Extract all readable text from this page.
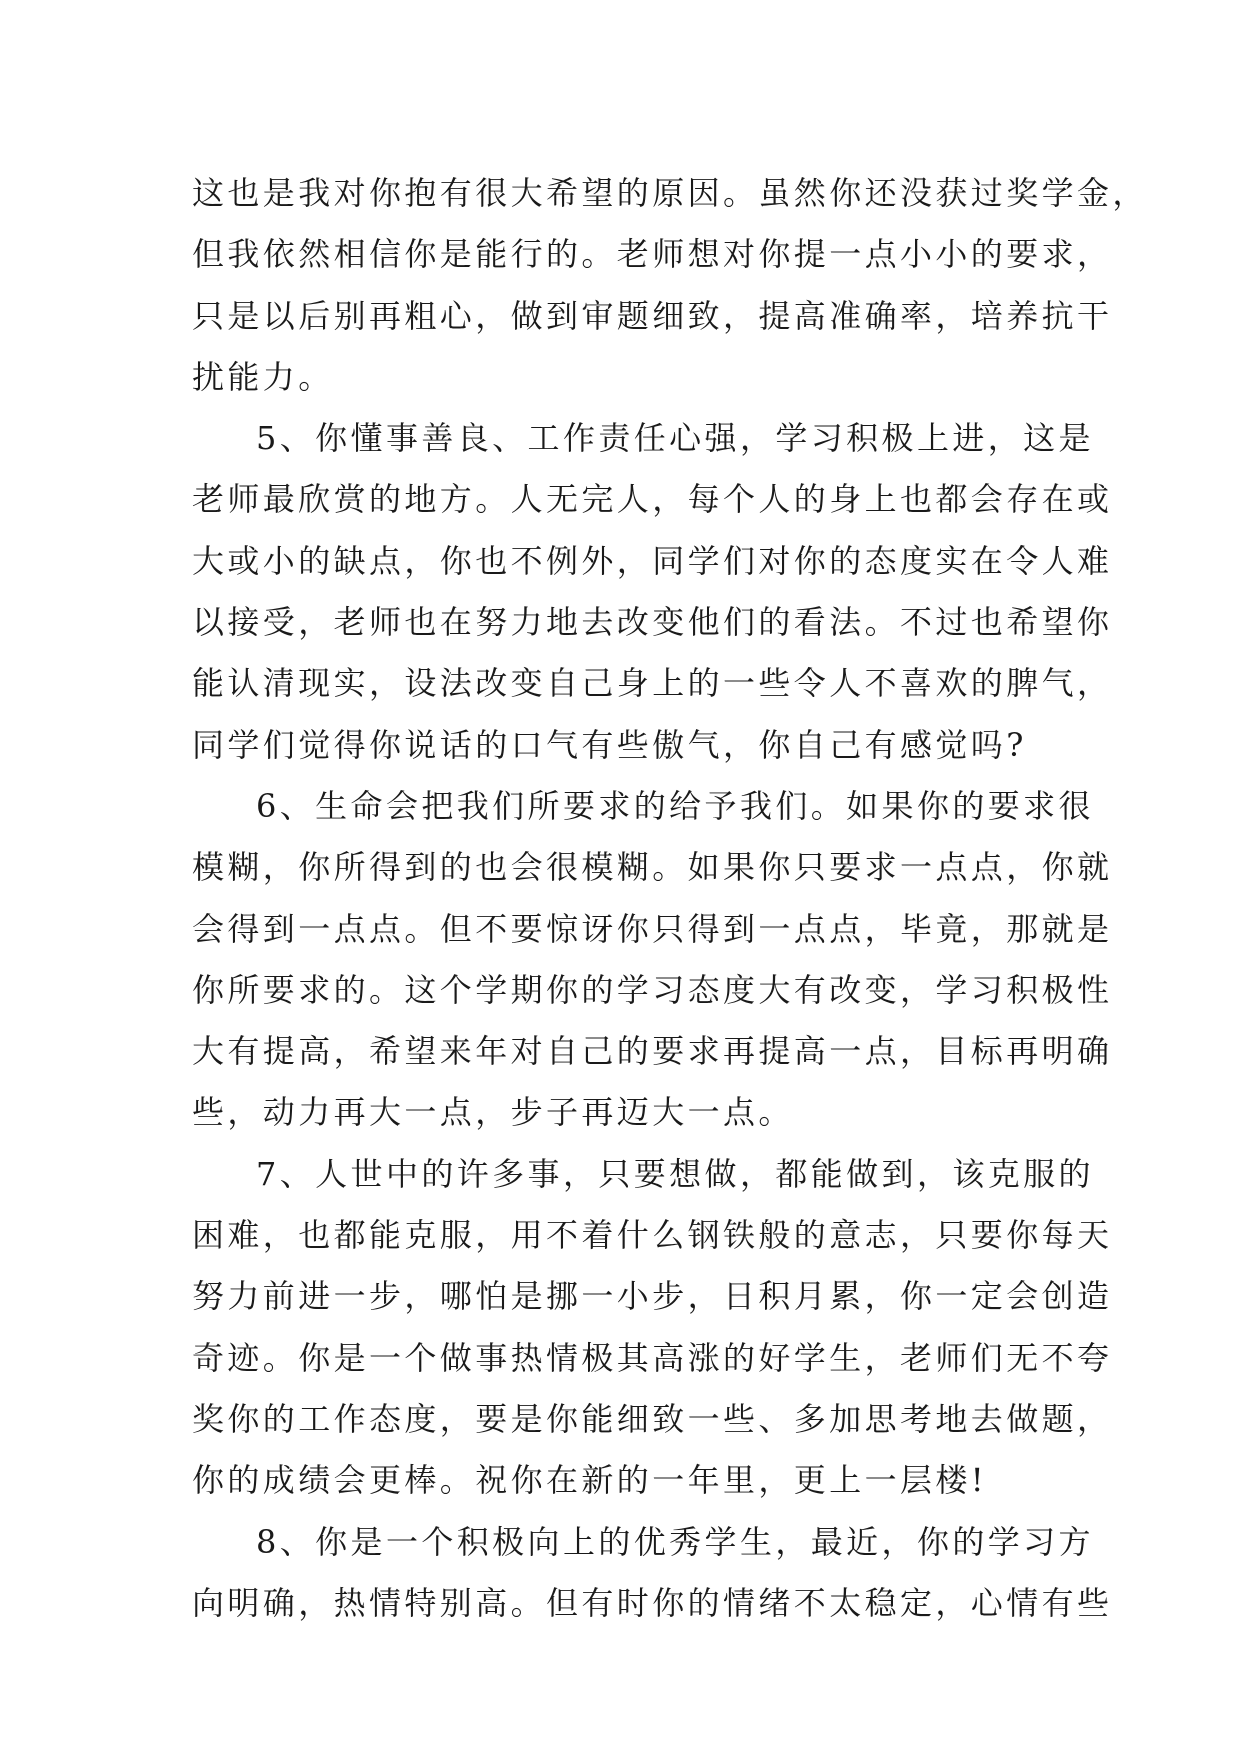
这也是我对你抱有很大希望的原因。虽然你还没获过奖学金，
但我依然相信你是能行的。老师想对你提一点小小的要求，
只是以后别再粗心，做到审题细致，提高准确率，培养抗干
扰能力。
5、你懂事善良、工作责任心强，学习积极上进，这是
老师最欣赏的地方。人无完人，每个人的身上也都会存在或
大或小的缺点，你也不例外，同学们对你的态度实在令人难
以接受，老师也在努力地去改变他们的看法。不过也希望你
能认清现实，设法改变自己身上的一些令人不喜欢的脾气，
同学们觉得你说话的口气有些傲气，你自己有感觉吗?
6、生命会把我们所要求的给予我们。如果你的要求很
模糊，你所得到的也会很模糊。如果你只要求一点点，你就
会得到一点点。但不要惊讶你只得到一点点，毕竟，那就是
你所要求的。这个学期你的学习态度大有改变，学习积极性
大有提高，希望来年对自己的要求再提高一点，目标再明确
些，动力再大一点，步子再迈大一点。
7、人世中的许多事，只要想做，都能做到，该克服的
困难，也都能克服，用不着什么钢铁般的意志，只要你每天
努力前进一步，哪怕是挪一小步，日积月累，你一定会创造
奇迹。你是一个做事热情极其高涨的好学生，老师们无不夸
奖你的工作态度，要是你能细致一些、多加思考地去做题，
你的成绩会更棒。祝你在新的一年里，更上一层楼!
8、你是一个积极向上的优秀学生，最近，你的学习方
向明确，热情特别高。但有时你的情绪不太稳定，心情有些
